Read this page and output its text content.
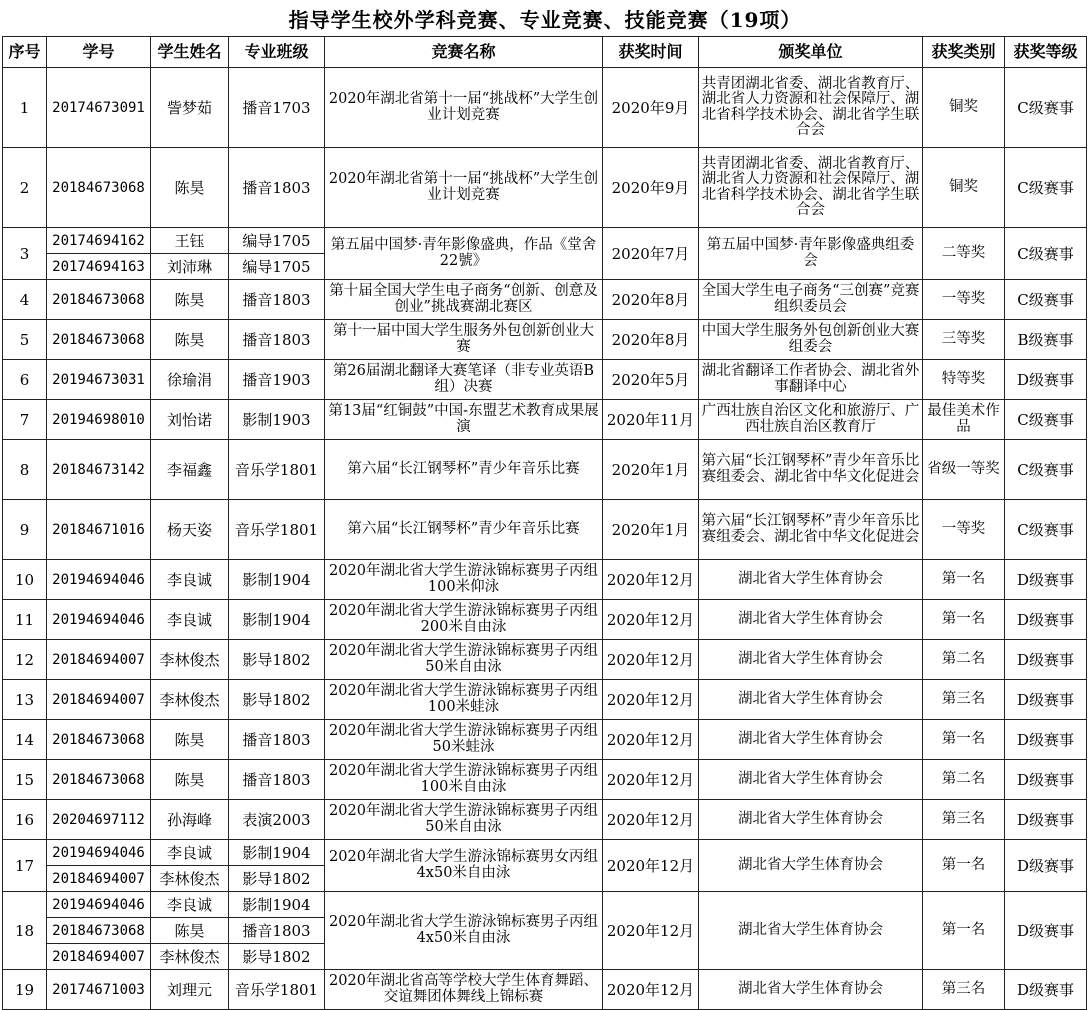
指导学生校外学科竞赛、专业竞赛、技能竞赛（19项）
序号	学号	学生姓名	专业班级	竞赛名称	获奖时间	颁奖单位	获奖类别	获奖等级
1	20174673091	訾梦茹	播音1703	2020年湖北省第十一届“挑战杯”大学生创业计划竞赛	2020年9月	共青团湖北省委、湖北省教育厅、湖北省人力资源和社会保障厅、湖北省科学技术协会、湖北省学生联合会	铜奖	C级赛事
2	20184673068	陈昊	播音1803	2020年湖北省第十一届“挑战杯”大学生创业计划竞赛	2020年9月	共青团湖北省委、湖北省教育厅、湖北省人力资源和社会保障厅、湖北省科学技术协会、湖北省学生联合会	铜奖	C级赛事
3	20174694162	王钰	编导1705	第五届中国梦·青年影像盛典，作品《堂舍22號》	2020年7月	第五届中国梦·青年影像盛典组委会	二等奖	C级赛事
	20174694163	刘沛琳	编导1705					
4	20184673068	陈昊	播音1803	第十届全国大学生电子商务“创新、创意及创业”挑战赛湖北赛区	2020年8月	全国大学生电子商务“三创赛”竞赛组织委员会	一等奖	C级赛事
5	20184673068	陈昊	播音1803	第十一届中国大学生服务外包创新创业大赛	2020年8月	中国大学生服务外包创新创业大赛组委会	三等奖	B级赛事
6	20194673031	徐瑜涓	播音1903	第26届湖北翻译大赛笔译（非专业英语B组）决赛	2020年5月	湖北省翻译工作者协会、湖北省外事翻译中心	特等奖	D级赛事
7	20194698010	刘怡诺	影制1903	第13届“红铜鼓”中国-东盟艺术教育成果展演	2020年11月	广西壮族自治区文化和旅游厅、广西壮族自治区教育厅	最佳美术作品	C级赛事
8	20184673142	李福鑫	音乐学1801	第六届“长江钢琴杯”青少年音乐比赛	2020年1月	第六届“长江钢琴杯”青少年音乐比赛组委会、湖北省中华文化促进会	省级一等奖	C级赛事
9	20184671016	杨天姿	音乐学1801	第六届“长江钢琴杯”青少年音乐比赛	2020年1月	第六届“长江钢琴杯”青少年音乐比赛组委会、湖北省中华文化促进会	一等奖	C级赛事
10	20194694046	李良诚	影制1904	2020年湖北省大学生游泳锦标赛男子丙组100米仰泳	2020年12月	湖北省大学生体育协会	第一名	D级赛事
11	20194694046	李良诚	影制1904	2020年湖北省大学生游泳锦标赛男子丙组200米自由泳	2020年12月	湖北省大学生体育协会	第一名	D级赛事
12	20184694007	李林俊杰	影导1802	2020年湖北省大学生游泳锦标赛男子丙组50米自由泳	2020年12月	湖北省大学生体育协会	第二名	D级赛事
13	20184694007	李林俊杰	影导1802	2020年湖北省大学生游泳锦标赛男子丙组100米蛙泳	2020年12月	湖北省大学生体育协会	第三名	D级赛事
14	20184673068	陈昊	播音1803	2020年湖北省大学生游泳锦标赛男子丙组50米蛙泳	2020年12月	湖北省大学生体育协会	第一名	D级赛事
15	20184673068	陈昊	播音1803	2020年湖北省大学生游泳锦标赛男子丙组100米自由泳	2020年12月	湖北省大学生体育协会	第二名	D级赛事
16	20204697112	孙海峰	表演2003	2020年湖北省大学生游泳锦标赛男子丙组50米自由泳	2020年12月	湖北省大学生体育协会	第三名	D级赛事
17	20194694046	李良诚	影制1904	2020年湖北省大学生游泳锦标赛男女丙组4x50米自由泳	2020年12月	湖北省大学生体育协会	第一名	D级赛事
	20184694007	李林俊杰	影导1802					
18	20194694046	李良诚	影制1904	2020年湖北省大学生游泳锦标赛男子丙组4x50米自由泳	2020年12月	湖北省大学生体育协会	第一名	D级赛事
	20184673068	陈昊	播音1803					
	20184694007	李林俊杰	影导1802					
19	20174671003	刘理元	音乐学1801	2020年湖北省高等学校大学生体育舞蹈、交谊舞团体舞线上锦标赛	2020年12月	湖北省大学生体育协会	第三名	D级赛事
